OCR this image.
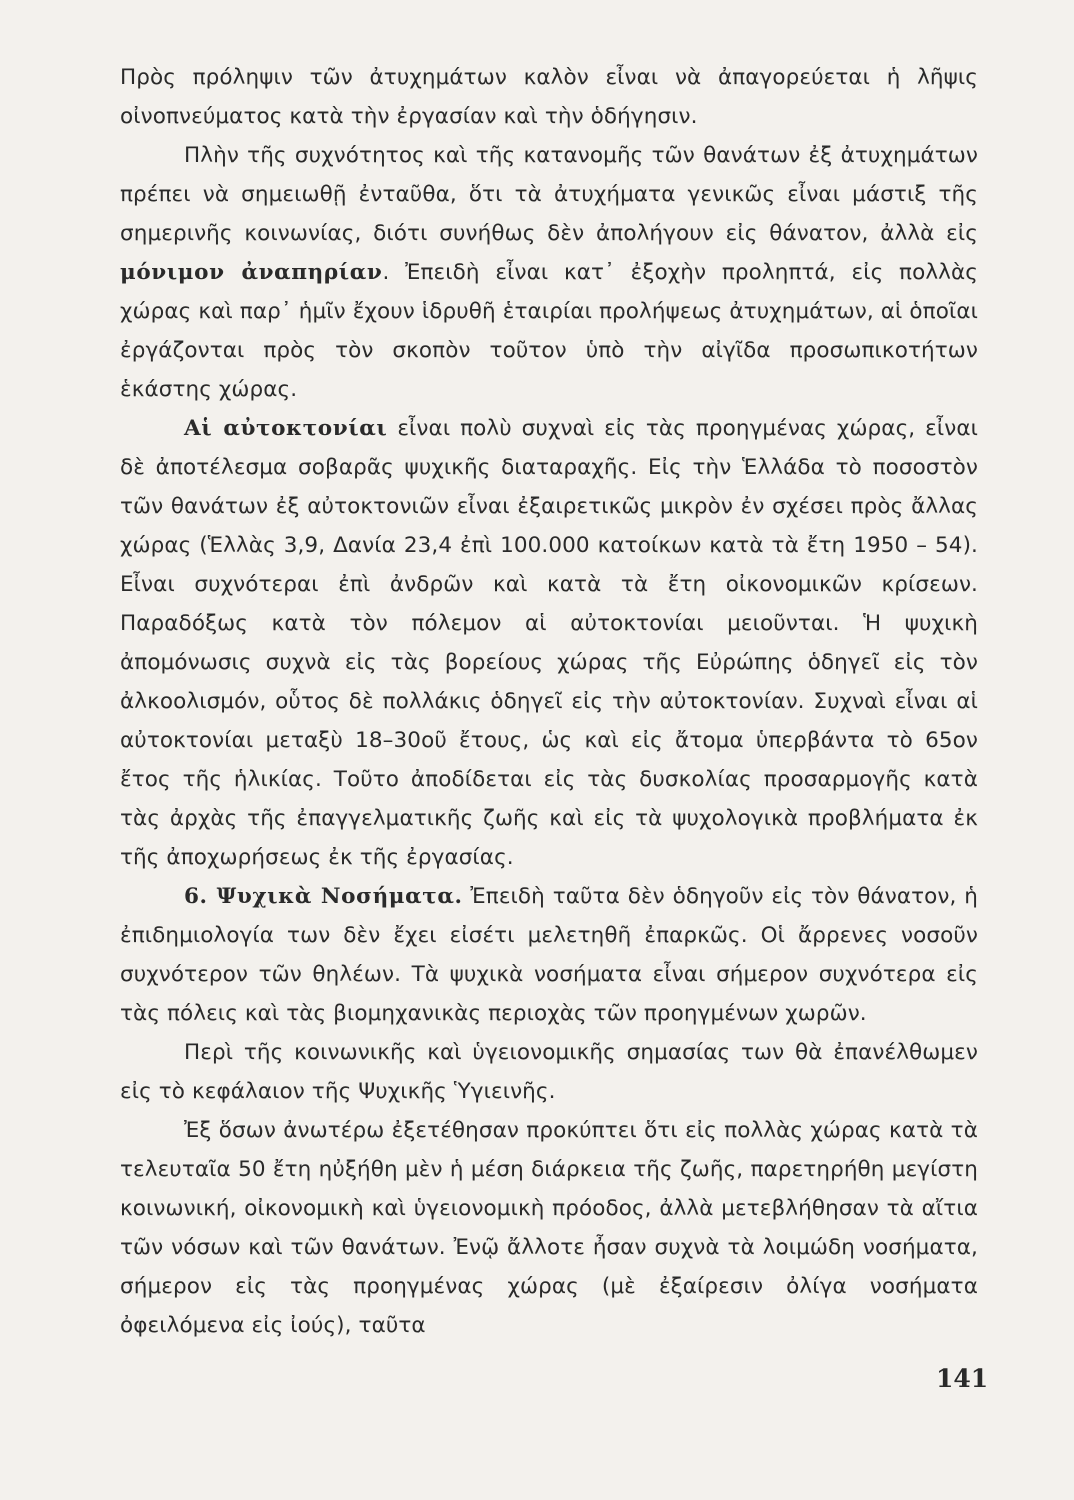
Πρὸς πρόληψιν τῶν ἀτυχημάτων καλὸν εἶναι νὰ ἀπαγορεύεται ἡ λῆψις οἰνοπνεύματος κατὰ τὴν ἐργασίαν καὶ τὴν ὁδήγησιν.

Πλὴν τῆς συχνότητος καὶ τῆς κατανομῆς τῶν θανάτων ἐξ ἀτυχημάτων πρέπει νὰ σημειωθῇ ἐνταῦθα, ὅτι τὰ ἀτυχήματα γενικῶς εἶναι μάστιξ τῆς σημερινῆς κοινωνίας, διότι συνήθως δὲν ἀπολήγουν εἰς θάνατον, ἀλλὰ εἰς μόνιμον ἀναπηρίαν. Ἐπειδὴ εἶναι κατ᾽ ἐξοχὴν προληπτά, εἰς πολλὰς χώρας καὶ παρ᾽ ἡμῖν ἔχουν ἱδρυθῆ ἑταιρίαι προλήψεως ἀτυχημάτων, αἱ ὁποῖαι ἐργάζονται πρὸς τὸν σκοπὸν τοῦτον ὑπὸ τὴν αἰγῖδα προσωπικοτήτων ἑκάστης χώρας.

Αἱ αὐτοκτονίαι εἶναι πολὺ συχναὶ εἰς τὰς προηγμένας χώρας, εἶναι δὲ ἀποτέλεσμα σοβαρᾶς ψυχικῆς διαταραχῆς. Εἰς τὴν Ἑλλάδα τὸ ποσοστὸν τῶν θανάτων ἐξ αὐτοκτονιῶν εἶναι ἐξαιρετικῶς μικρὸν ἐν σχέσει πρὸς ἄλλας χώρας (Ἑλλὰς 3,9, Δανία 23,4 ἐπὶ 100.000 κατοίκων κατὰ τὰ ἔτη 1950 – 54). Εἶναι συχνότεραι ἐπὶ ἀνδρῶν καὶ κατὰ τὰ ἔτη οἰκονομικῶν κρίσεων. Παραδόξως κατὰ τὸν πόλεμον αἱ αὐτοκτονίαι μειοῦνται. Ἡ ψυχικὴ ἀπομόνωσις συχνὰ εἰς τὰς βορείους χώρας τῆς Εὐρώπης ὁδηγεῖ εἰς τὸν ἀλκοολισμόν, οὗτος δὲ πολλάκις ὁδηγεῖ εἰς τὴν αὐτοκτονίαν. Συχναὶ εἶναι αἱ αὐτοκτονίαι μεταξὺ 18–30οῦ ἔτους, ὡς καὶ εἰς ἄτομα ὑπερβάντα τὸ 65ον ἔτος τῆς ἡλικίας. Τοῦτο ἀποδίδεται εἰς τὰς δυσκολίας προσαρμογῆς κατὰ τὰς ἀρχὰς τῆς ἐπαγγελματικῆς ζωῆς καὶ εἰς τὰ ψυχολογικὰ προβλήματα ἐκ τῆς ἀποχωρήσεως ἐκ τῆς ἐργασίας.

6. Ψυχικὰ Νοσήματα. Ἐπειδὴ ταῦτα δὲν ὁδηγοῦν εἰς τὸν θάνατον, ἡ ἐπιδημιολογία των δὲν ἔχει εἰσέτι μελετηθῆ ἐπαρκῶς. Οἱ ἄρρενες νοσοῦν συχνότερον τῶν θηλέων. Τὰ ψυχικὰ νοσήματα εἶναι σήμερον συχνότερα εἰς τὰς πόλεις καὶ τὰς βιομηχανικὰς περιοχὰς τῶν προηγμένων χωρῶν.

Περὶ τῆς κοινωνικῆς καὶ ὑγειονομικῆς σημασίας των θὰ ἐπανέλθωμεν εἰς τὸ κεφάλαιον τῆς Ψυχικῆς Ὑγιεινῆς.

Ἐξ ὅσων ἀνωτέρω ἐξετέθησαν προκύπτει ὅτι εἰς πολλὰς χώρας κατὰ τὰ τελευταῖα 50 ἔτη ηὐξήθη μὲν ἡ μέση διάρκεια τῆς ζωῆς, παρετηρήθη μεγίστη κοινωνική, οἰκονομικὴ καὶ ὑγειονομικὴ πρόοδος, ἀλλὰ μετεβλήθησαν τὰ αἴτια τῶν νόσων καὶ τῶν θανάτων. Ἐνῷ ἄλλοτε ἦσαν συχνὰ τὰ λοιμώδη νοσήματα, σήμερον εἰς τὰς προηγμένας χώρας (μὲ ἐξαίρεσιν ὀλίγα νοσήματα ὀφειλόμενα εἰς ἰούς), ταῦτα

141
